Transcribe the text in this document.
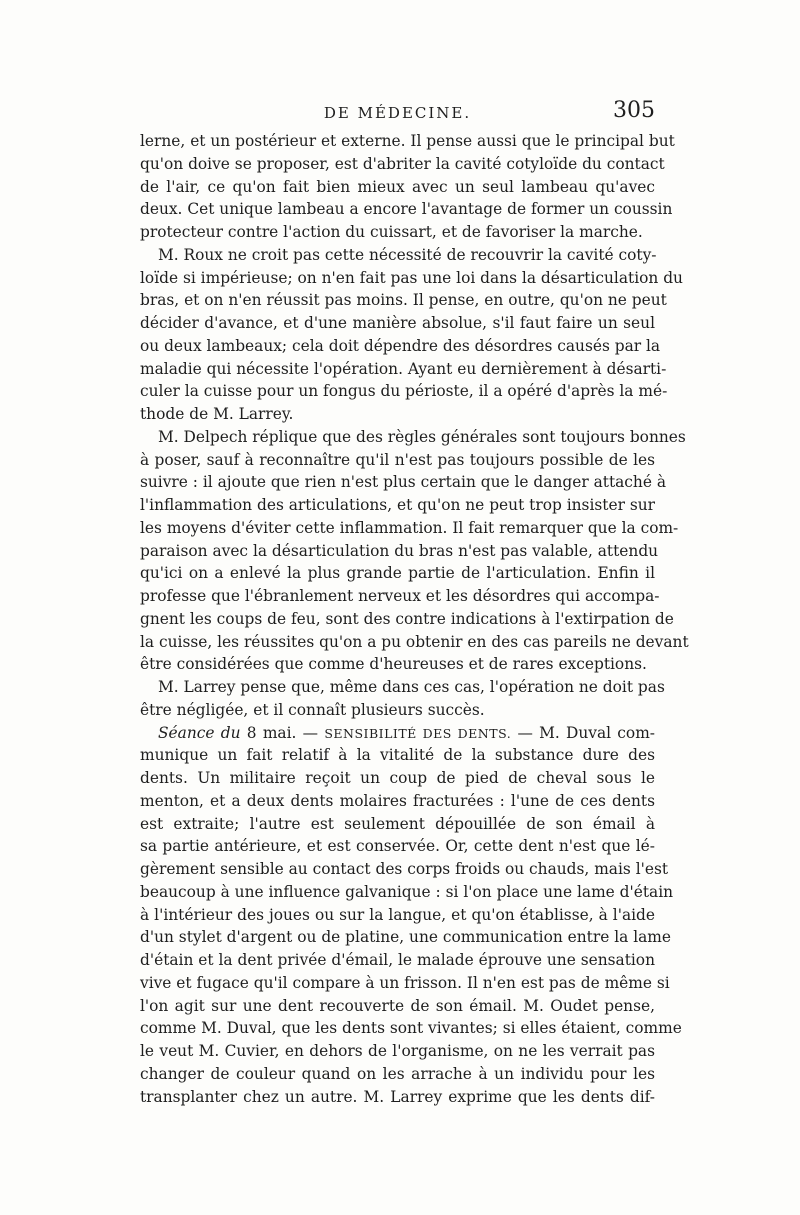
DE MÉDECINE.	305
lerne, et un postérieur et externe. Il pense aussi que le principal but
qu'on doive se proposer, est d'abriter la cavité cotyloïde du contact
de l'air, ce qu'on fait bien mieux avec un seul lambeau qu'avec
deux. Cet unique lambeau a encore l'avantage de former un coussin
protecteur contre l'action du cuissart, et de favoriser la marche.
M. Roux ne croit pas cette nécessité de recouvrir la cavité coty-
loïde si impérieuse; on n'en fait pas une loi dans la désarticulation du
bras, et on n'en réussit pas moins. Il pense, en outre, qu'on ne peut
décider d'avance, et d'une manière absolue, s'il faut faire un seul
ou deux lambeaux; cela doit dépendre des désordres causés par la
maladie qui nécessite l'opération. Ayant eu dernièrement à désarti-
culer la cuisse pour un fongus du périoste, il a opéré d'après la mé-
thode de M. Larrey.
M. Delpech réplique que des règles générales sont toujours bonnes
à poser, sauf à reconnaître qu'il n'est pas toujours possible de les
suivre : il ajoute que rien n'est plus certain que le danger attaché à
l'inflammation des articulations, et qu'on ne peut trop insister sur
les moyens d'éviter cette inflammation. Il fait remarquer que la com-
paraison avec la désarticulation du bras n'est pas valable, attendu
qu'ici on a enlevé la plus grande partie de l'articulation. Enfin il
professe que l'ébranlement nerveux et les désordres qui accompa-
gnent les coups de feu, sont des contre indications à l'extirpation de
la cuisse, les réussites qu'on a pu obtenir en des cas pareils ne devant
être considérées que comme d'heureuses et de rares exceptions.
M. Larrey pense que, même dans ces cas, l'opération ne doit pas
être négligée, et il connaît plusieurs succès.
Séance du 8 mai. — SENSIBILITÉ DES DENTS. — M. Duval com-
munique un fait relatif à la vitalité de la substance dure des
dents. Un militaire reçoit un coup de pied de cheval sous le
menton, et a deux dents molaires fracturées : l'une de ces dents
est extraite; l'autre est seulement dépouillée de son émail à
sa partie antérieure, et est conservée. Or, cette dent n'est que lé-
gèrement sensible au contact des corps froids ou chauds, mais l'est
beaucoup à une influence galvanique : si l'on place une lame d'étain
à l'intérieur des joues ou sur la langue, et qu'on établisse, à l'aide
d'un stylet d'argent ou de platine, une communication entre la lame
d'étain et la dent privée d'émail, le malade éprouve une sensation
vive et fugace qu'il compare à un frisson. Il n'en est pas de même si
l'on agit sur une dent recouverte de son émail. M. Oudet pense,
comme M. Duval, que les dents sont vivantes; si elles étaient, comme
le veut M. Cuvier, en dehors de l'organisme, on ne les verrait pas
changer de couleur quand on les arrache à un individu pour les
transplanter chez un autre. M. Larrey exprime que les dents dif-
